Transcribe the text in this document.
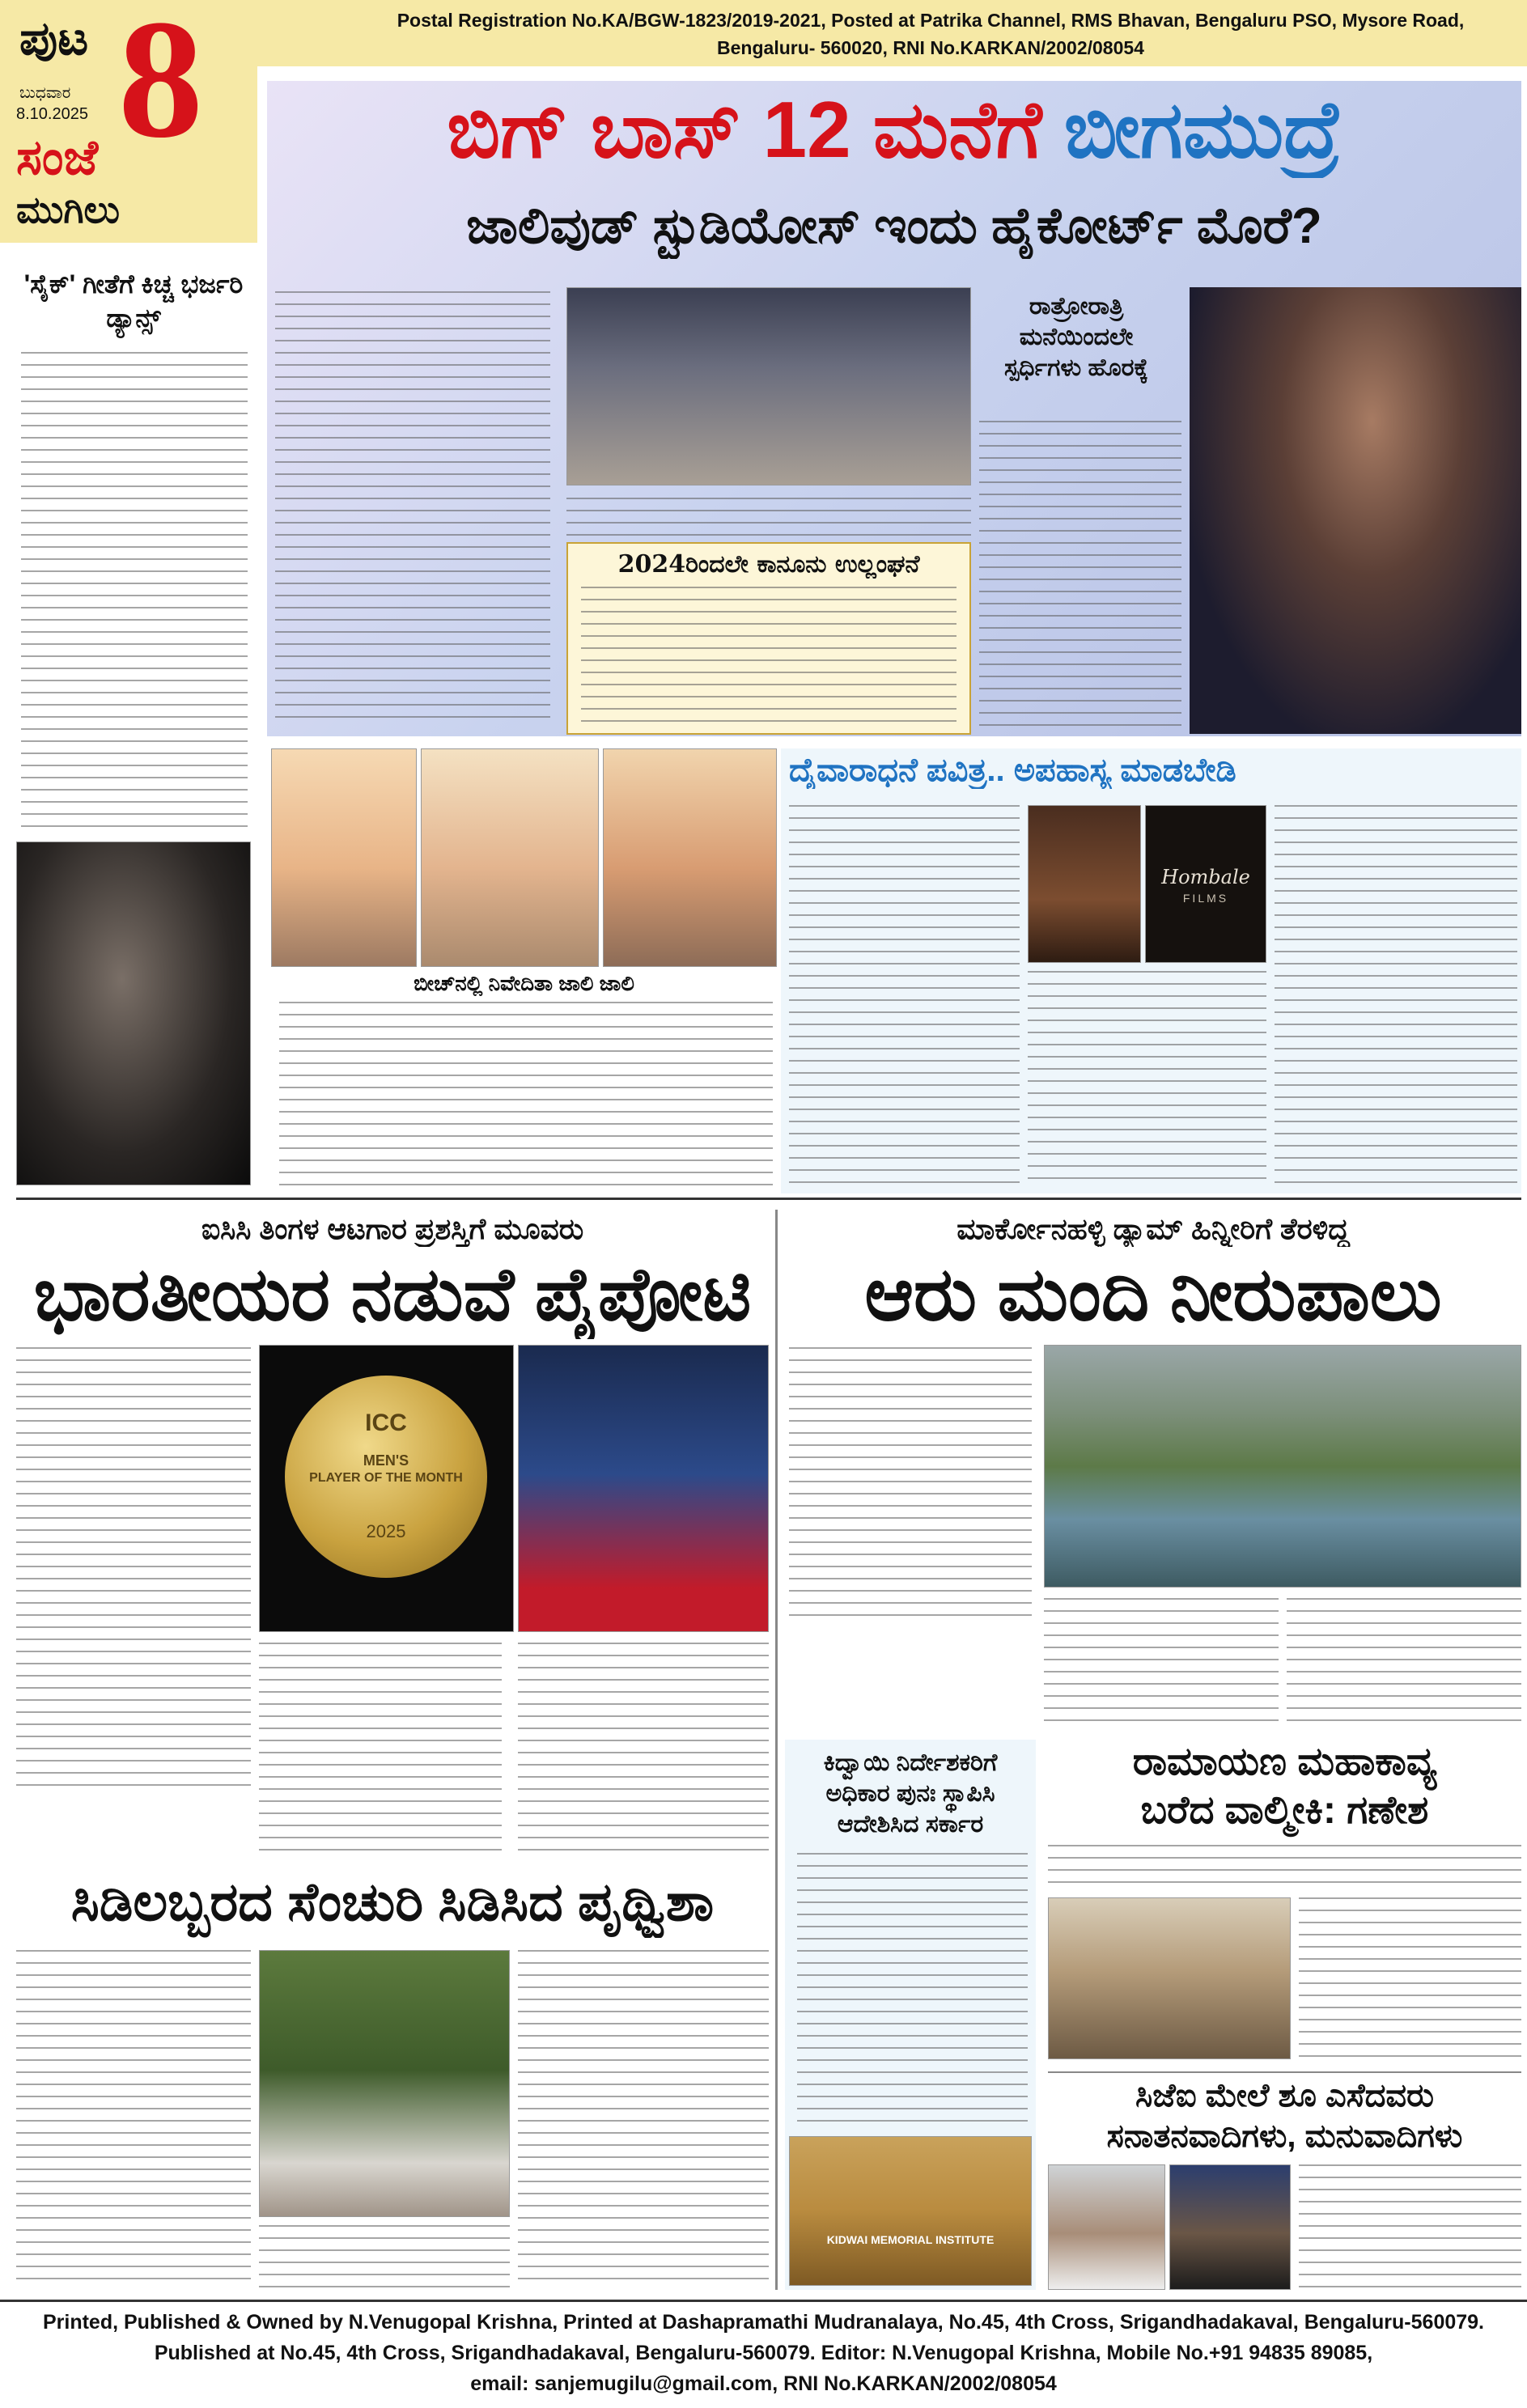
ಪುಟ 8
ಬುಧವಾರ
8.10.2025
ಸಂಜೆ
ಮುಗಿಲು
Postal Registration No.KA/BGW-1823/2019-2021, Posted at Patrika Channel, RMS Bhavan, Bengaluru PSO, Mysore Road,
Bengaluru- 560020, RNI No.KARKAN/2002/08054
ಬಿಗ್ ಬಾಸ್ 12 ಮನೆಗೆ ಬೀಗಮುದ್ರೆ
ಜಾಲಿವುಡ್ ಸ್ಟುಡಿಯೋಸ್ ಇಂದು ಹೈಕೋರ್ಟ್ ಮೊರೆ?
2024ರಿಂದಲೇ ಕಾನೂನು ಉಲ್ಲಂಘನೆ
ರಾತ್ರೋರಾತ್ರಿ ಮನೆಯಿಂದಲೇ ಸ್ಪರ್ಧಿಗಳು ಹೊರಕ್ಕೆ
'ಸೈಕ್' ಗೀತೆಗೆ ಕಿಚ್ಚ ಭರ್ಜರಿ ಡ್ಯಾನ್ಸ್
ಬೀಚ್‌ನಲ್ಲಿ ನಿವೇದಿತಾ ಜಾಲಿ ಜಾಲಿ
ದೈವಾರಾಧನೆ ಪವಿತ್ರ.. ಅಪಹಾಸ್ಯ ಮಾಡಬೇಡಿ
Hombale
FILMS
ಐಸಿಸಿ ತಿಂಗಳ ಆಟಗಾರ ಪ್ರಶಸ್ತಿಗೆ ಮೂವರು
ಭಾರತೀಯರ ನಡುವೆ ಪೈಪೋಟಿ
ICC
MEN'S
PLAYER OF THE MONTH
2025
ಸಿಡಿಲಬ್ಬರದ ಸೆಂಚುರಿ ಸಿಡಿಸಿದ ಪೃಥ್ವಿಶಾ
ಮಾರ್ಕೋನಹಳ್ಳಿ ಡ್ಯಾಮ್ ಹಿನ್ನೀರಿಗೆ ತೆರಳಿದ್ದ
ಆರು ಮಂದಿ ನೀರುಪಾಲು
ಕಿದ್ವಾಯಿ ನಿರ್ದೇಶಕರಿಗೆ ಅಧಿಕಾರ ಪುನಃ ಸ್ಥಾಪಿಸಿ ಆದೇಶಿಸಿದ ಸರ್ಕಾರ
KIDWAI MEMORIAL INSTITUTE
ರಾಮಾಯಣ ಮಹಾಕಾವ್ಯ
ಬರೆದ ವಾಲ್ಮೀಕಿ: ಗಣೇಶ
ಸಿಜೆಐ ಮೇಲೆ ಶೂ ಎಸೆದವರು
ಸನಾತನವಾದಿಗಳು, ಮನುವಾದಿಗಳು
Printed, Published & Owned by N.Venugopal Krishna, Printed at Dashapramathi Mudranalaya, No.45, 4th Cross, Srigandhadakaval, Bengaluru-560079.
Published at No.45, 4th Cross, Srigandhadakaval, Bengaluru-560079. Editor: N.Venugopal Krishna, Mobile No.+91 94835 89085,
email: sanjemugilu@gmail.com, RNI No.KARKAN/2002/08054
